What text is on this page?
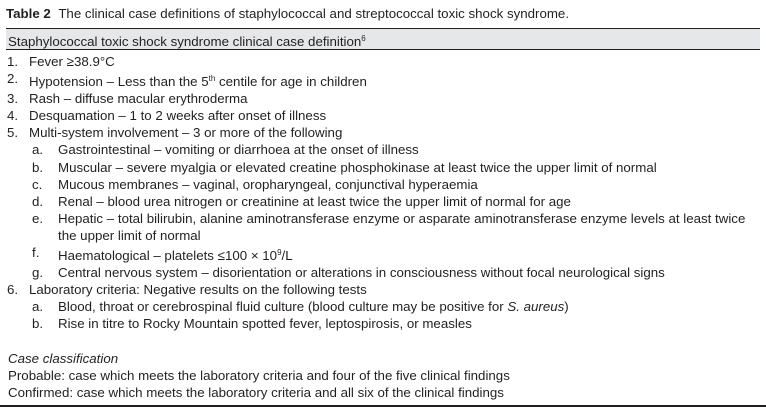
Table 2 The clinical case definitions of staphylococcal and streptococcal toxic shock syndrome.
Staphylococcal toxic shock syndrome clinical case definition$^6$
1. Fever ≥38.9°C
2. Hypotension – Less than the 5th centile for age in children
3. Rash – diffuse macular erythroderma
4. Desquamation – 1 to 2 weeks after onset of illness
5. Multi-system involvement – 3 or more of the following
a.	Gastrointestinal – vomiting or diarrhoea at the onset of illness
b.	Muscular – severe myalgia or elevated creatine phosphokinase at least twice the upper limit of normal
c.	Mucous membranes – vaginal, oropharyngeal, conjunctival hyperaemia
d.	Renal – blood urea nitrogen or creatinine at least twice the upper limit of normal for age
e.	Hepatic – total bilirubin, alanine aminotransferase enzyme or asparate aminotransferase enzyme levels at least twice the upper limit of normal
f.	Haematological – platelets $\le 100 \times 10^9/L$
g.	Central nervous system – disorientation or alterations in consciousness without focal neurological signs
6. Laboratory criteria: Negative results on the following tests
a.	Blood, throat or cerebrospinal fluid culture (blood culture may be positive for S. aureus)
b.	Rise in titre to Rocky Mountain spotted fever, leptospirosis, or measles
Case classification
Probable: case which meets the laboratory criteria and four of the five clinical findings
Confirmed: case which meets the laboratory criteria and all six of the clinical findings
